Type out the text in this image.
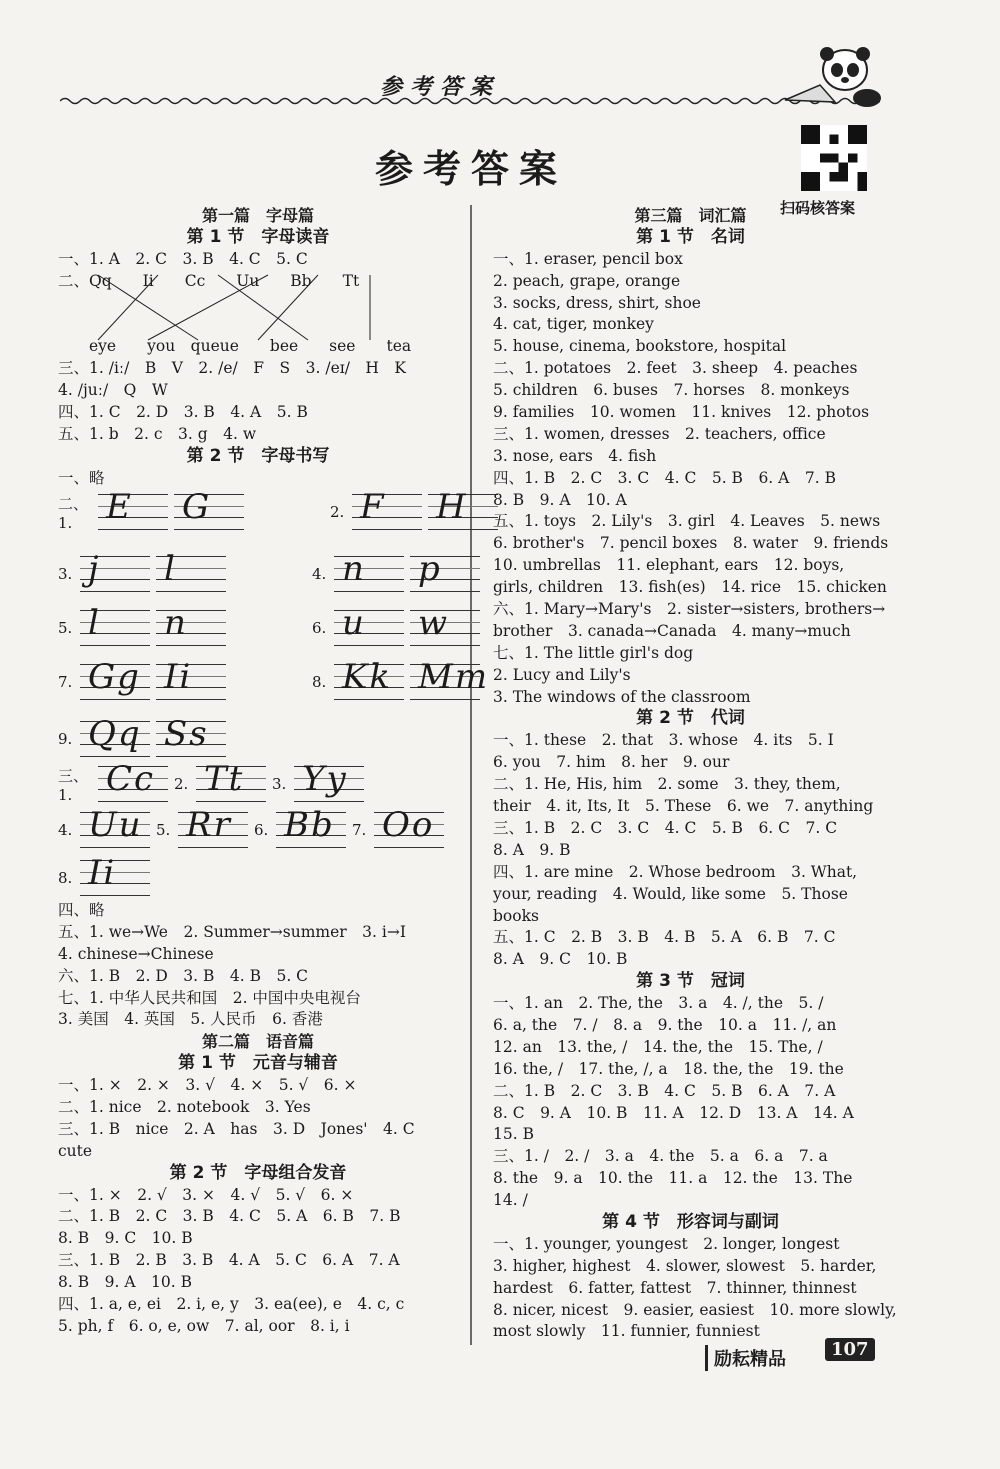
参考答案
参考答案
扫码核答案
第一篇　字母篇
第 1 节　字母读音
一、1. A　2. C　3. B　4. C　5. C
二、Qq　　Ii　　Cc　　Uu　　Bb　　Tt
　　eye　　you　queue　　bee　　see　　tea
三、1. /iː/　B　V　2. /e/　F　S　3. /eɪ/　H　K
4. /juː/　Q　W
四、1. C　2. D　3. B　4. A　5. B
五、1. b　2. c　3. g　4. w
第 2 节　字母书写
一、略
二、1. E G	2. F H
3. j l	4. n p
5. l n	6. u w
7. Gg Ii	8. Kk Mm
9. Qq Ss
三、1. Cc 2. Tt 3. Yy
4. Uu 5. Rr 6. Bb 7. Oo
8. Ii
四、略
五、1. we→We　2. Summer→summer　3. i→I
4. chinese→Chinese
六、1. B　2. D　3. B　4. B　5. C
七、1. 中华人民共和国　2. 中国中央电视台
3. 美国　4. 英国　5. 人民币　6. 香港
第二篇　语音篇
第 1 节　元音与辅音
一、1. ×　2. ×　3. √　4. ×　5. √　6. ×
二、1. nice　2. notebook　3. Yes
三、1. B　nice　2. A　has　3. D　Jones'　4. C
cute
第 2 节　字母组合发音
一、1. ×　2. √　3. ×　4. √　5. √　6. ×
二、1. B　2. C　3. B　4. C　5. A　6. B　7. B
8. B　9. C　10. B
三、1. B　2. B　3. B　4. A　5. C　6. A　7. A
8. B　9. A　10. B
四、1. a, e, ei　2. i, e, y　3. ea(ee), e　4. c, c
5. ph, f　6. o, e, ow　7. al, oor　8. i, i
第三篇　词汇篇
第 1 节　名词
一、1. eraser, pencil box
2. peach, grape, orange
3. socks, dress, shirt, shoe
4. cat, tiger, monkey
5. house, cinema, bookstore, hospital
二、1. potatoes　2. feet　3. sheep　4. peaches
5. children　6. buses　7. horses　8. monkeys
9. families　10. women　11. knives　12. photos
三、1. women, dresses　2. teachers, office
3. nose, ears　4. fish
四、1. B　2. C　3. C　4. C　5. B　6. A　7. B
8. B　9. A　10. A
五、1. toys　2. Lily's　3. girl　4. Leaves　5. news
6. brother's　7. pencil boxes　8. water　9. friends
10. umbrellas　11. elephant, ears　12. boys,
girls, children　13. fish(es)　14. rice　15. chicken
六、1. Mary→Mary's　2. sister→sisters, brothers→
brother　3. canada→Canada　4. many→much
七、1. The little girl's dog
2. Lucy and Lily's
3. The windows of the classroom
第 2 节　代词
一、1. these　2. that　3. whose　4. its　5. I
6. you　7. him　8. her　9. our
二、1. He, His, him　2. some　3. they, them,
their　4. it, Its, It　5. These　6. we　7. anything
三、1. B　2. C　3. C　4. C　5. B　6. C　7. C
8. A　9. B
四、1. are mine　2. Whose bedroom　3. What,
your, reading　4. Would, like some　5. Those
books
五、1. C　2. B　3. B　4. B　5. A　6. B　7. C
8. A　9. C　10. B
第 3 节　冠词
一、1. an　2. The, the　3. a　4. /, the　5. /
6. a, the　7. /　8. a　9. the　10. a　11. /, an
12. an　13. the, /　14. the, the　15. The, /
16. the, /　17. the, /, a　18. the, the　19. the
二、1. B　2. C　3. B　4. C　5. B　6. A　7. A
8. C　9. A　10. B　11. A　12. D　13. A　14. A
15. B
三、1. /　2. /　3. a　4. the　5. a　6. a　7. a
8. the　9. a　10. the　11. a　12. the　13. The
14. /
第 4 节　形容词与副词
一、1. younger, youngest　2. longer, longest
3. higher, highest　4. slower, slowest　5. harder,
hardest　6. fatter, fattest　7. thinner, thinnest
8. nicer, nicest　9. easier, easiest　10. more slowly,
most slowly　11. funnier, funniest
励耘精品	107
